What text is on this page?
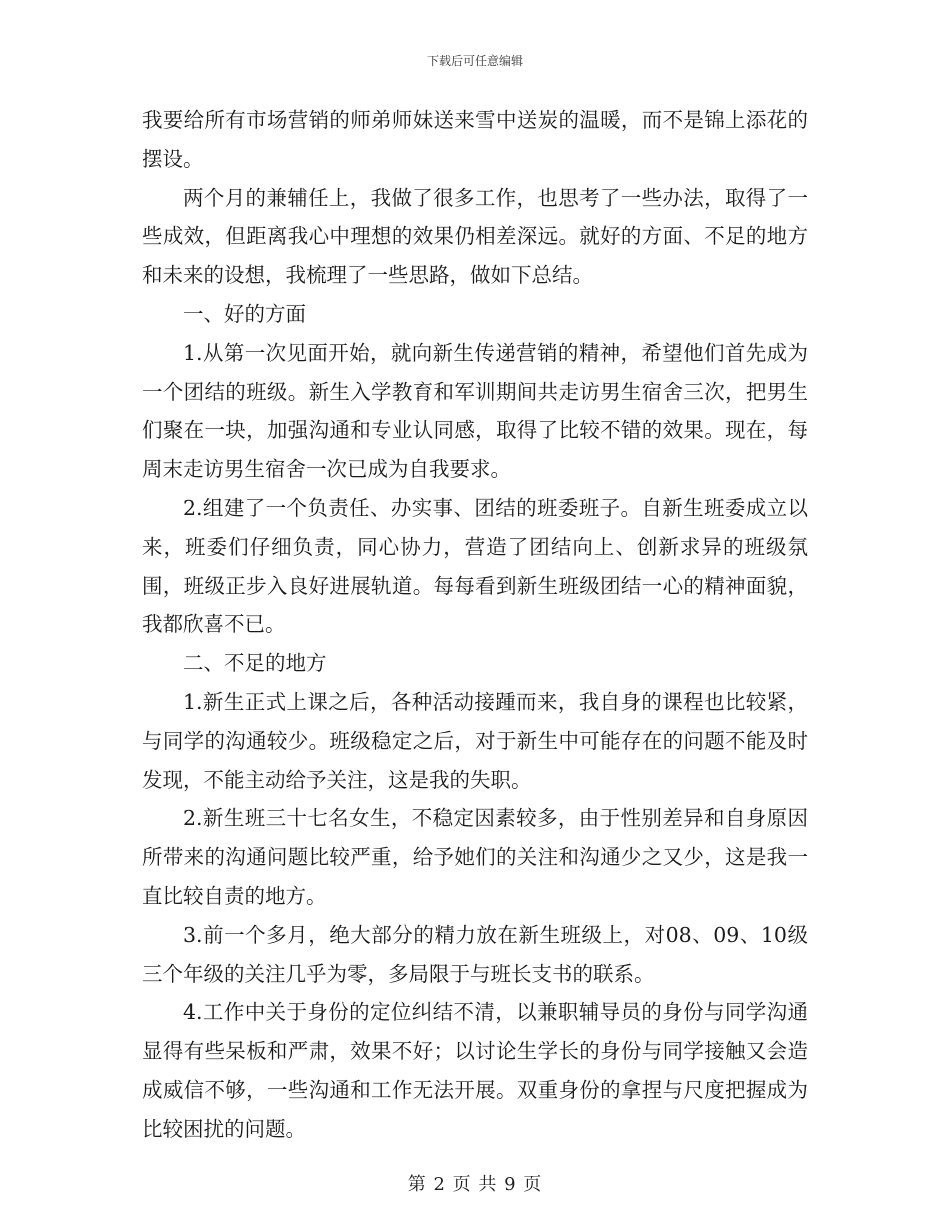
下载后可任意编辑

我要给所有市场营销的师弟师妹送来雪中送炭的温暖，而不是锦上添花的摆设。

两个月的兼辅任上，我做了很多工作，也思考了一些办法，取得了一些成效，但距离我心中理想的效果仍相差深远。就好的方面、不足的地方和未来的设想，我梳理了一些思路，做如下总结。

一、好的方面

1.从第一次见面开始，就向新生传递营销的精神，希望他们首先成为一个团结的班级。新生入学教育和军训期间共走访男生宿舍三次，把男生们聚在一块，加强沟通和专业认同感，取得了比较不错的效果。现在，每周末走访男生宿舍一次已成为自我要求。

2.组建了一个负责任、办实事、团结的班委班子。自新生班委成立以来，班委们仔细负责，同心协力，营造了团结向上、创新求异的班级氛围，班级正步入良好进展轨道。每每看到新生班级团结一心的精神面貌，我都欣喜不已。

二、不足的地方

1.新生正式上课之后，各种活动接踵而来，我自身的课程也比较紧，与同学的沟通较少。班级稳定之后，对于新生中可能存在的问题不能及时发现，不能主动给予关注，这是我的失职。

2.新生班三十七名女生，不稳定因素较多，由于性别差异和自身原因所带来的沟通问题比较严重，给予她们的关注和沟通少之又少，这是我一直比较自责的地方。

3.前一个多月，绝大部分的精力放在新生班级上，对08、09、10级三个年级的关注几乎为零，多局限于与班长支书的联系。

4.工作中关于身份的定位纠结不清，以兼职辅导员的身份与同学沟通显得有些呆板和严肃，效果不好；以讨论生学长的身份与同学接触又会造成威信不够，一些沟通和工作无法开展。双重身份的拿捏与尺度把握成为比较困扰的问题。

第 2 页 共 9 页
